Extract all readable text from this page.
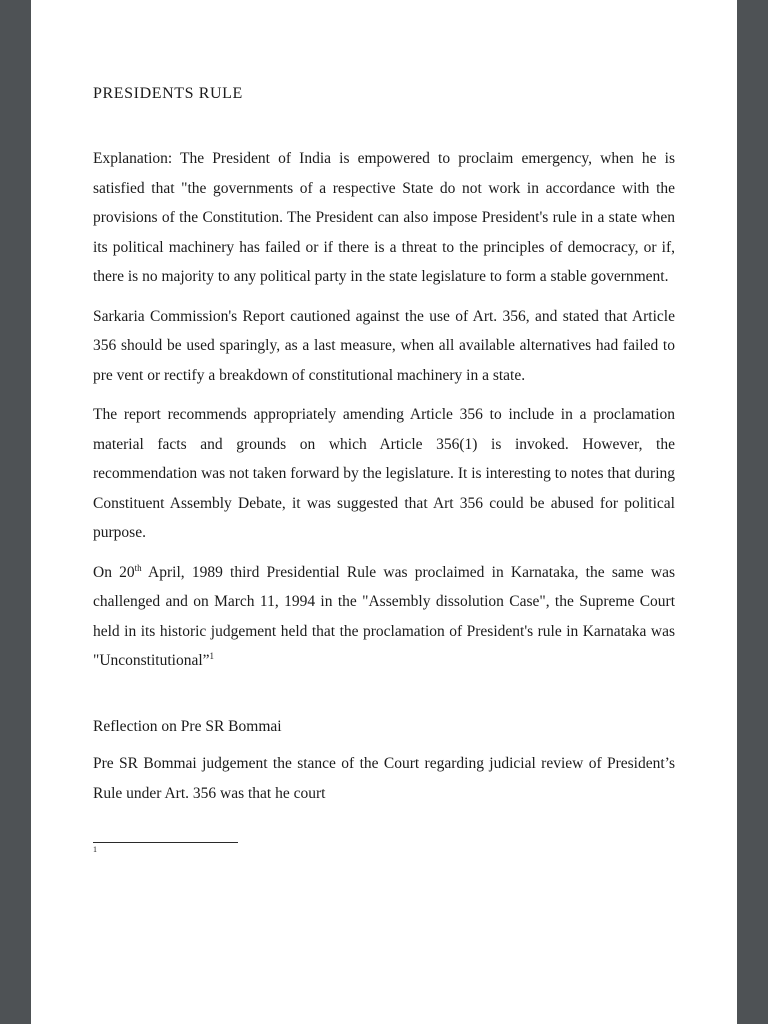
PRESIDENTS RULE

Explanation: The President of India is empowered to proclaim emergency, when he is satisfied that "the governments of a respective State do not work in accordance with the provisions of the Constitution. The President can also impose President's rule in a state when its political machinery has failed or if there is a threat to the principles of democracy, or if, there is no majority to any political party in the state legislature to form a stable government.

Sarkaria Commission's Report cautioned against the use of Art. 356, and stated that Article 356 should be used sparingly, as a last measure, when all available alternatives had failed to pre vent or rectify a breakdown of constitutional machinery in a state.

The report recommends appropriately amending Article 356 to include in a proclamation material facts and grounds on which Article 356(1) is invoked. However, the recommendation was not taken forward by the legislature. It is interesting to notes that during Constituent Assembly Debate, it was suggested that Art 356 could be abused for political purpose.

On 20th April, 1989 third Presidential Rule was proclaimed in Karnataka, the same was challenged and on March 11, 1994 in the "Assembly dissolution Case", the Supreme Court held in its historic judgement held that the proclamation of President's rule in Karnataka was "Unconstitutional”$^1$

Reflection on Pre SR Bommai

Pre SR Bommai judgement the stance of the Court regarding judicial review of President’s Rule under Art. 356 was that he court

1
